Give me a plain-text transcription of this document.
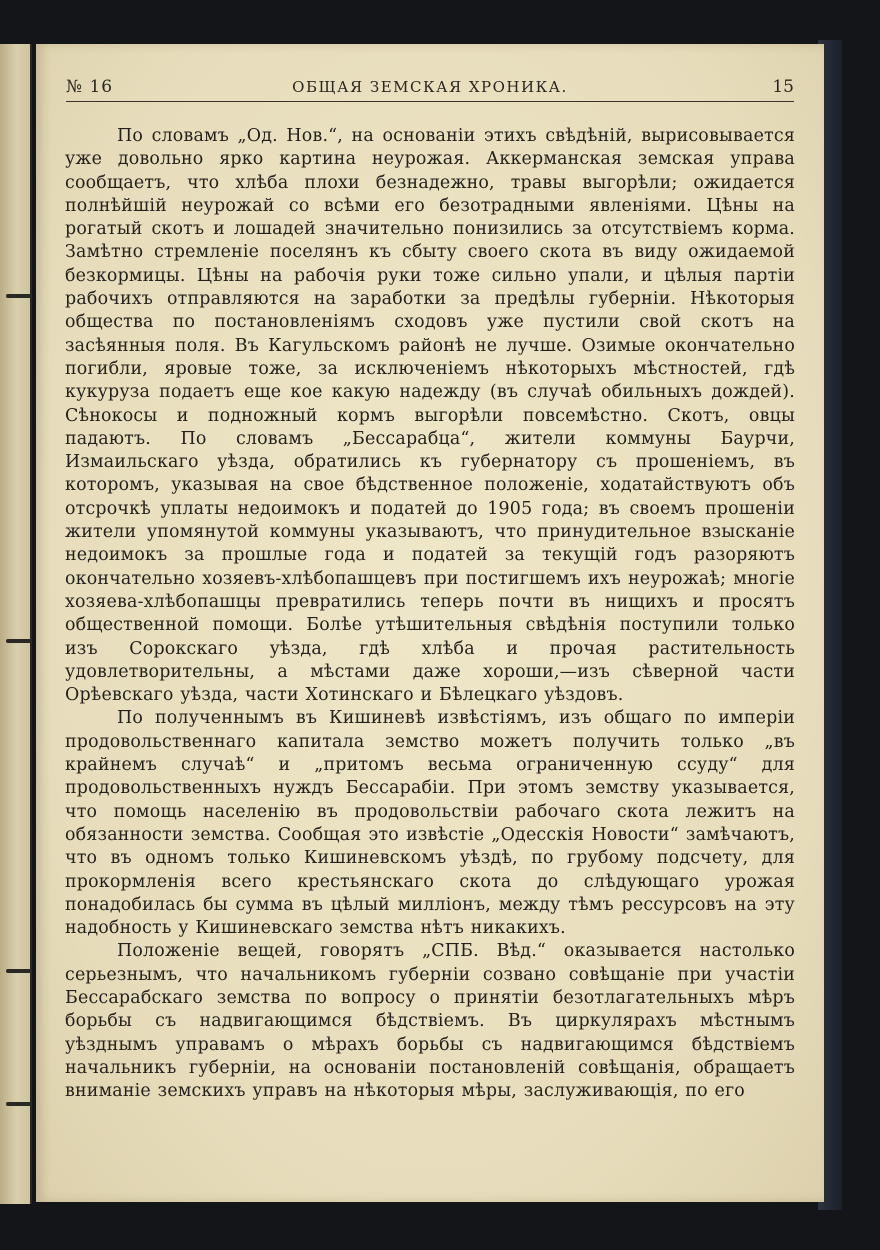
№ 16	ОБЩАЯ ЗЕМСКАЯ ХРОНИКА.	15

По словамъ „Од. Нов.“, на основаніи этихъ свѣдѣній, вырисовывается уже довольно ярко картина неурожая. Аккерманская земская управа сообщаетъ, что хлѣба плохи безнадежно, травы выгорѣли; ожидается полнѣйшій неурожай со всѣми его безотрадными явленіями. Цѣны на рогатый скотъ и лошадей значительно понизились за отсутствіемъ корма. Замѣтно стремленіе поселянъ къ сбыту своего скота въ виду ожидаемой безкормицы. Цѣны на рабочія руки тоже сильно упали, и цѣлыя партіи рабочихъ отправляются на заработки за предѣлы губерніи. Нѣкоторыя общества по постановленіямъ сходовъ уже пустили свой скотъ на засѣянныя поля. Въ Кагульскомъ районѣ не лучше. Озимые окончательно погибли, яровые тоже, за исключеніемъ нѣкоторыхъ мѣстностей, гдѣ кукуруза подаетъ еще кое какую надежду (въ случаѣ обильныхъ дождей). Сѣнокосы и подножный кормъ выгорѣли повсемѣстно. Скотъ, овцы падаютъ. По словамъ „Бессарабца“, жители коммуны Баурчи, Измаильскаго уѣзда, обратились къ губернатору съ прошеніемъ, въ которомъ, указывая на свое бѣдственное положеніе, ходатайствуютъ объ отсрочкѣ уплаты недоимокъ и податей до 1905 года; въ своемъ прошеніи жители упомянутой коммуны указываютъ, что принудительное взысканіе недоимокъ за прошлые года и податей за текущій годъ разоряютъ окончательно хозяевъ-хлѣбопашцевъ при постигшемъ ихъ неурожаѣ; многіе хозяева-хлѣбопашцы превратились теперь почти въ нищихъ и просятъ общественной помощи. Болѣе утѣшительныя свѣдѣнія поступили только изъ Сорокскаго уѣзда, гдѣ хлѣба и прочая растительность удовлетворительны, а мѣстами даже хороши,—изъ сѣверной части Орѣевскаго уѣзда, части Хотинскаго и Бѣлецкаго уѣздовъ.

По полученнымъ въ Кишиневѣ извѣстіямъ, изъ общаго по имперіи продовольственнаго капитала земство можетъ получить только „въ крайнемъ случаѣ“ и „притомъ весьма ограниченную ссуду“ для продовольственныхъ нуждъ Бессарабіи. При этомъ земству указывается, что помощь населенію въ продовольствіи рабочаго скота лежитъ на обязанности земства. Сообщая это извѣстіе „Одесскія Новости“ замѣчаютъ, что въ одномъ только Кишиневскомъ уѣздѣ, по грубому подсчету, для прокормленія всего крестьянскаго скота до слѣдующаго урожая понадобилась бы сумма въ цѣлый милліонъ, между тѣмъ рессурсовъ на эту надобность у Кишиневскаго земства нѣтъ никакихъ.

Положеніе вещей, говорятъ „СПБ. Вѣд.“ оказывается настолько серьезнымъ, что начальникомъ губерніи созвано совѣщаніе при участіи Бессарабскаго земства по вопросу о принятіи безотлагательныхъ мѣръ борьбы съ надвигающимся бѣдствіемъ. Въ циркулярахъ мѣстнымъ уѣзднымъ управамъ о мѣрахъ борьбы съ надвигающимся бѣдствіемъ начальникъ губерніи, на основаніи постановленій совѣщанія, обращаетъ вниманіе земскихъ управъ на нѣкоторыя мѣры, заслуживающія, по его
